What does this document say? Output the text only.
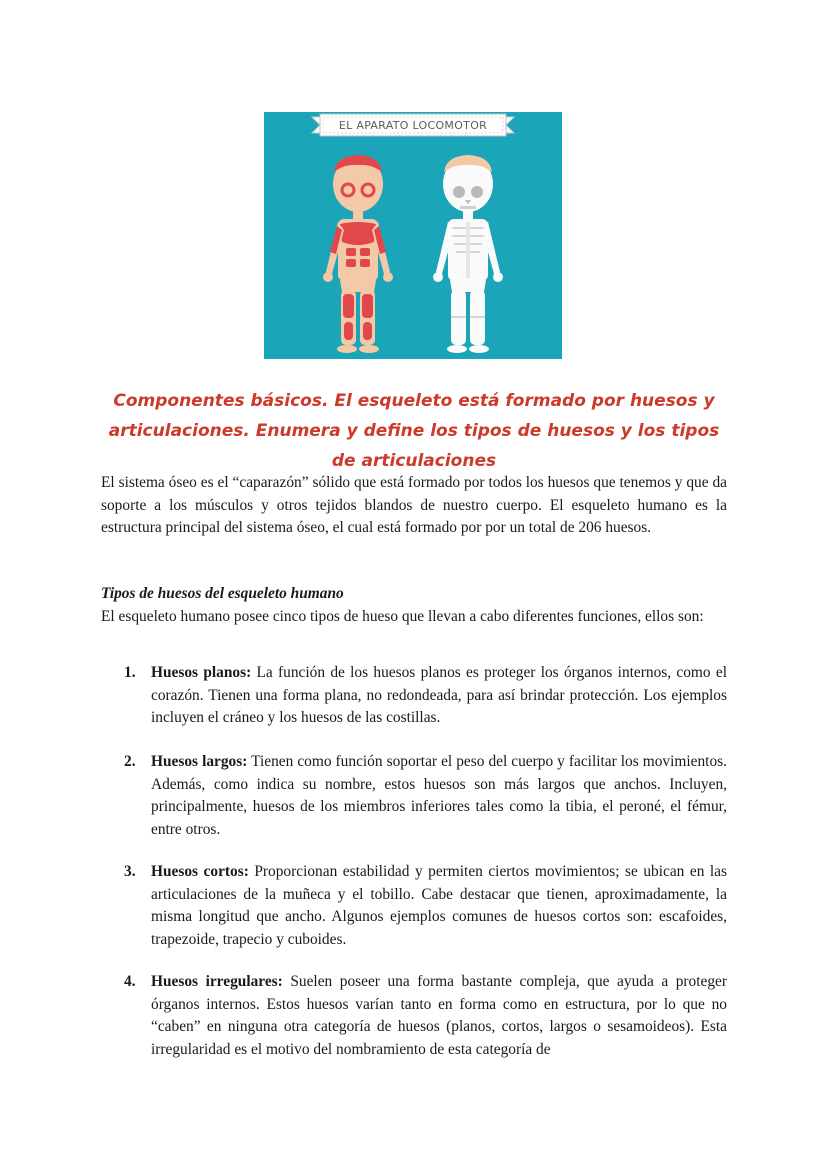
EL APARATO LOCOMOTOR
Componentes básicos. El esqueleto está formado por huesos y articulaciones. Enumera y define los tipos de huesos y los tipos de articulaciones

El sistema óseo es el “caparazón” sólido que está formado por todos los huesos que tenemos y que da soporte a los músculos y otros tejidos blandos de nuestro cuerpo. El esqueleto humano es la estructura principal del sistema óseo, el cual está formado por por un total de 206 huesos.

Tipos de huesos del esqueleto humano

El esqueleto humano posee cinco tipos de hueso que llevan a cabo diferentes funciones, ellos son:

1. Huesos planos: La función de los huesos planos es proteger los órganos internos, como el corazón. Tienen una forma plana, no redondeada, para así brindar protección. Los ejemplos incluyen el cráneo y los huesos de las costillas.
2. Huesos largos: Tienen como función soportar el peso del cuerpo y facilitar los movimientos. Además, como indica su nombre, estos huesos son más largos que anchos. Incluyen, principalmente, huesos de los miembros inferiores tales como la tibia, el peroné, el fémur, entre otros.
3. Huesos cortos: Proporcionan estabilidad y permiten ciertos movimientos; se ubican en las articulaciones de la muñeca y el tobillo. Cabe destacar que tienen, aproximadamente, la misma longitud que ancho. Algunos ejemplos comunes de huesos cortos son: escafoides, trapezoide, trapecio y cuboides.
4. Huesos irregulares: Suelen poseer una forma bastante compleja, que ayuda a proteger órganos internos. Estos huesos varían tanto en forma como en estructura, por lo que no “caben” en ninguna otra categoría de huesos (planos, cortos, largos o sesamoideos). Esta irregularidad es el motivo del nombramiento de esta categoría de
